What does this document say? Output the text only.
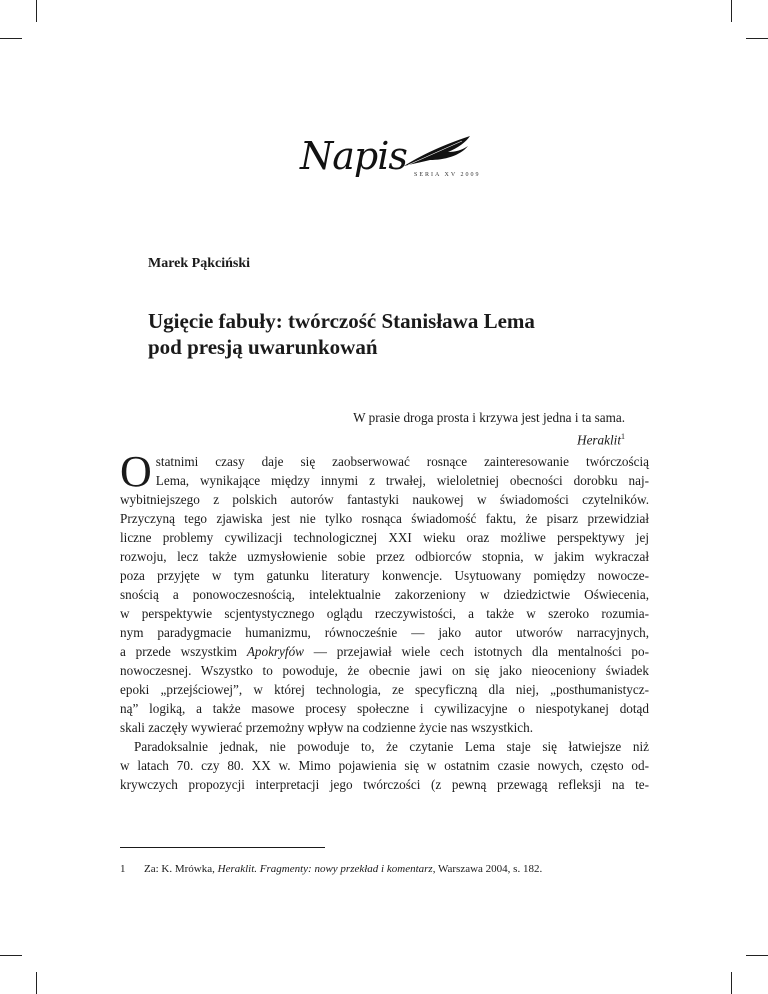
Napis SERIA XV 2009
Marek Pąkciński
Ugięcie fabuły: twórczość Stanisława Lema
pod presją uwarunkowań
W prasie droga prosta i krzywa jest jedna i ta sama.
Heraklit$^1$

O statnimi czasy daje się zaobserwować rosnące zainteresowanie twórczością
Lema, wynikające między innymi z trwałej, wieloletniej obecności dorobku naj-
wybitniejszego z polskich autorów fantastyki naukowej w świadomości czytelników.
Przyczyną tego zjawiska jest nie tylko rosnąca świadomość faktu, że pisarz przewidział
liczne problemy cywilizacji technologicznej XXI wieku oraz możliwe perspektywy jej
rozwoju, lecz także uzmysłowienie sobie przez odbiorców stopnia, w jakim wykraczał
poza przyjęte w tym gatunku literatury konwencje. Usytuowany pomiędzy nowocze-
snością a ponowoczesnością, intelektualnie zakorzeniony w dziedzictwie Oświecenia,
w perspektywie scjentystycznego oglądu rzeczywistości, a także w szeroko rozumia-
nym paradygmacie humanizmu, równocześnie — jako autor utworów narracyjnych,
a przede wszystkim Apokryfów — przejawiał wiele cech istotnych dla mentalności po-
nowoczesnej. Wszystko to powoduje, że obecnie jawi on się jako nieoceniony świadek
epoki „przejściowej”, w której technologia, ze specyficzną dla niej, „posthumanistycz-
ną” logiką, a także masowe procesy społeczne i cywilizacyjne o niespotykanej dotąd
skali zaczęły wywierać przemożny wpływ na codzienne życie nas wszystkich.

Paradoksalnie jednak, nie powoduje to, że czytanie Lema staje się łatwiejsze niż
w latach 70. czy 80. XX w. Mimo pojawienia się w ostatnim czasie nowych, często od-
krywczych propozycji interpretacji jego twórczości (z pewną przewagą refleksji na te-

1 Za: K. Mrówka, Heraklit. Fragmenty: nowy przekład i komentarz, Warszawa 2004, s. 182.
